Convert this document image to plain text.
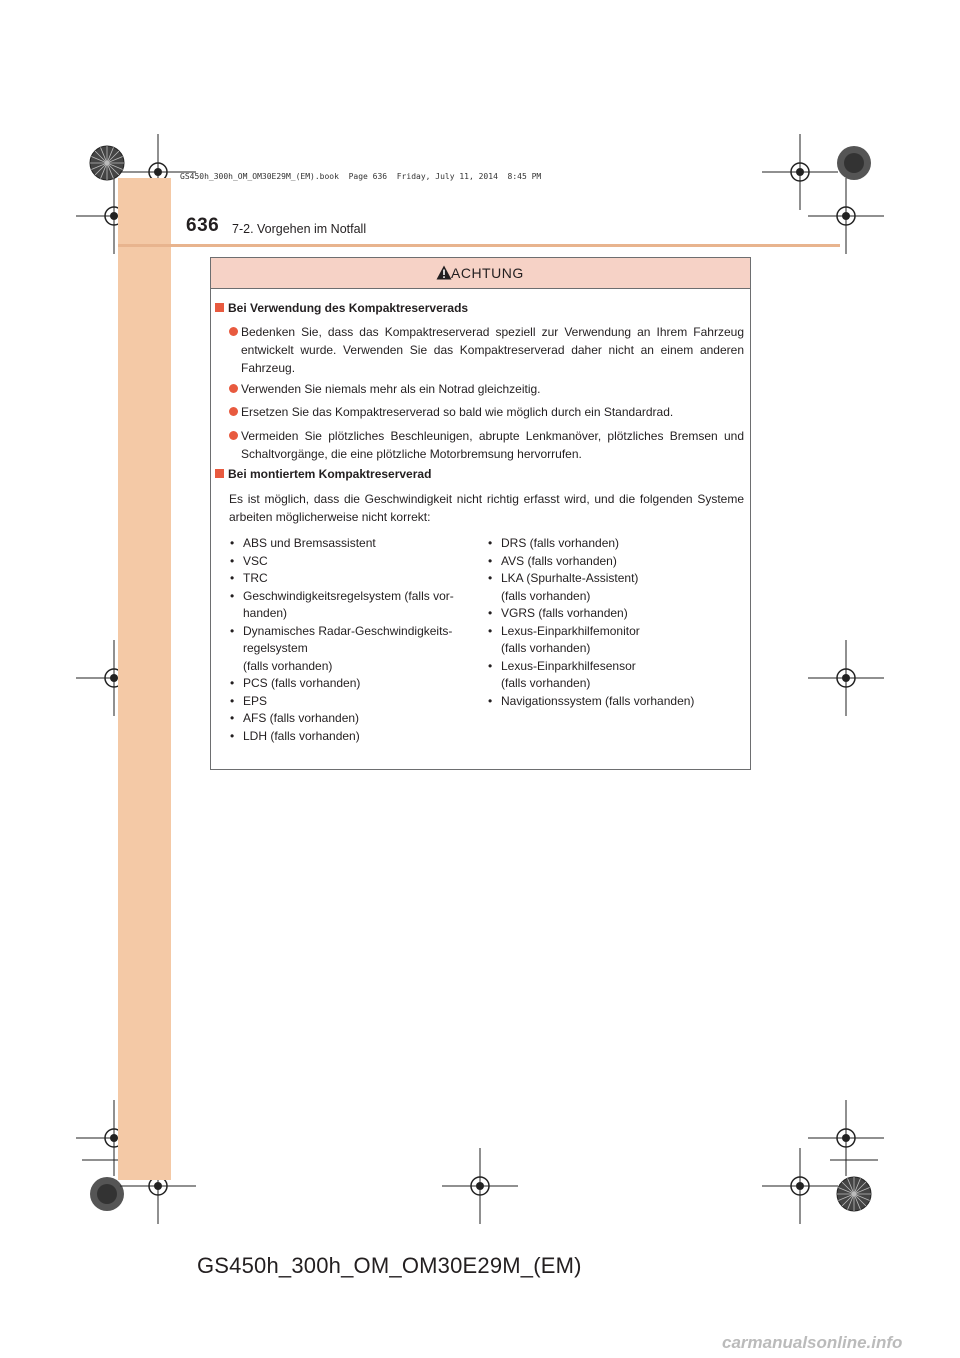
GS450h_300h_OM_OM30E29M_(EM).book  Page 636  Friday, July 11, 2014  8:45 PM
636 7-2. Vorgehen im Notfall
ACHTUNG
Bei Verwendung des Kompaktreserverads
Bedenken Sie, dass das Kompaktreserverad speziell zur Verwendung an Ihrem Fahrzeug entwickelt wurde. Verwenden Sie das Kompaktreserverad daher nicht an einem anderen Fahrzeug.
Verwenden Sie niemals mehr als ein Notrad gleichzeitig.
Ersetzen Sie das Kompaktreserverad so bald wie möglich durch ein Standardrad.
Vermeiden Sie plötzliches Beschleunigen, abrupte Lenkmanöver, plötzliches Bremsen und Schaltvorgänge, die eine plötzliche Motorbremsung hervorrufen.
Bei montiertem Kompaktreserverad
Es ist möglich, dass die Geschwindigkeit nicht richtig erfasst wird, und die folgenden Systeme arbeiten möglicherweise nicht korrekt:
• ABS und Bremsassistent
• VSC
• TRC
• Geschwindigkeitsregelsystem (falls vor-
handen)
• Dynamisches Radar-Geschwindigkeits-
regelsystem
(falls vorhanden)
• PCS (falls vorhanden)
• EPS
• AFS (falls vorhanden)
• LDH (falls vorhanden)
• DRS (falls vorhanden)
• AVS (falls vorhanden)
• LKA (Spurhalte-Assistent)
(falls vorhanden)
• VGRS (falls vorhanden)
• Lexus-Einparkhilfemonitor
(falls vorhanden)
• Lexus-Einparkhilfesensor
(falls vorhanden)
• Navigationssystem (falls vorhanden)
GS450h_300h_OM_OM30E29M_(EM)
carmanualsonline.info
